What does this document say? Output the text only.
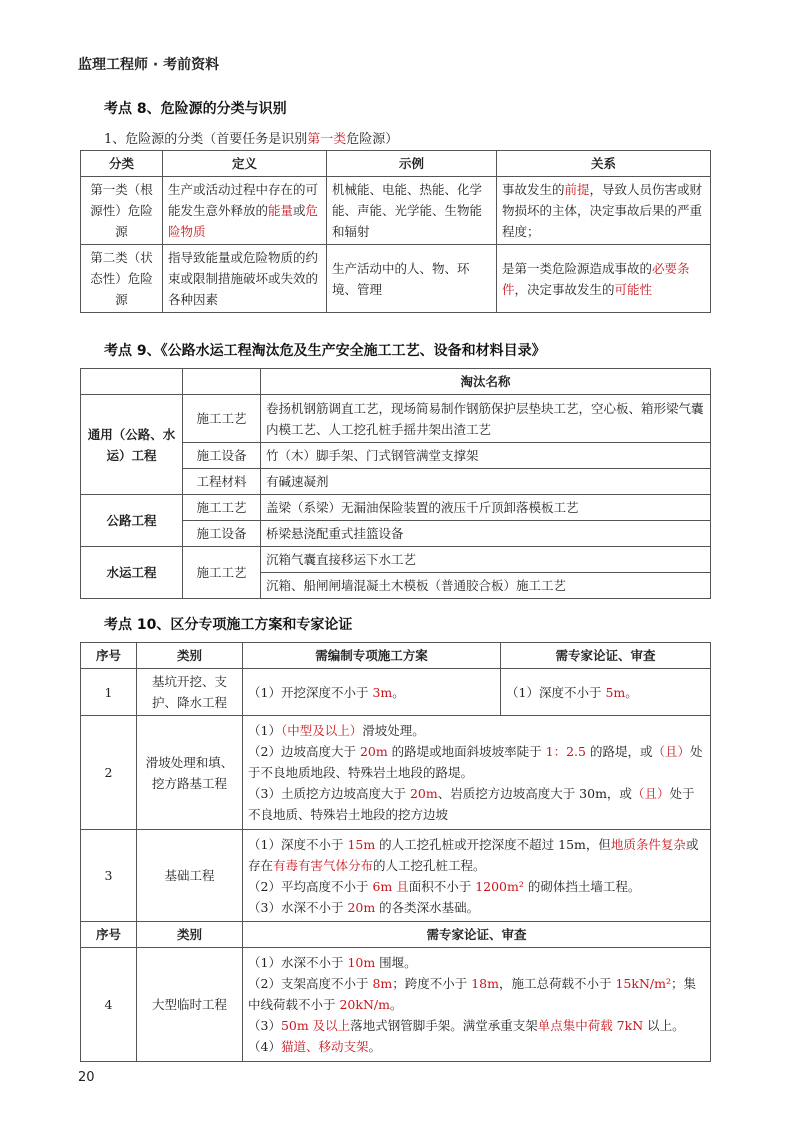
监理工程师 · 考前资料
考点 8、危险源的分类与识别
1、危险源的分类（首要任务是识别第一类危险源）
分类	定义	示例	关系
第一类（根源性）危险源	生产或活动过程中存在的可能发生意外释放的能量或危险物质	机械能、电能、热能、化学能、声能、光学能、生物能和辐射	事故发生的前提，导致人员伤害或财物损坏的主体，决定事故后果的严重程度；
第二类（状态性）危险源	指导致能量或危险物质的约束或限制措施破坏或失效的各种因素	生产活动中的人、物、环境、管理	是第一类危险源造成事故的必要条件，决定事故发生的可能性
考点 9、《公路水运工程淘汰危及生产安全施工工艺、设备和材料目录》
		淘汰名称
通用（公路、水运）工程	施工工艺	卷扬机钢筋调直工艺，现场简易制作钢筋保护层垫块工艺，空心板、箱形梁气囊内模工艺、人工挖孔桩手摇井架出渣工艺
	施工设备	竹（木）脚手架、门式钢管满堂支撑架
	工程材料	有碱速凝剂
公路工程	施工工艺	盖梁（系梁）无漏油保险装置的液压千斤顶卸落模板工艺
	施工设备	桥梁悬浇配重式挂篮设备
水运工程	施工工艺	沉箱气囊直接移运下水工艺
		沉箱、船闸闸墙混凝土木模板（普通胶合板）施工工艺
考点 10、区分专项施工方案和专家论证
序号	类别	需编制专项施工方案	需专家论证、审查
1	基坑开挖、支护、降水工程	（1）开挖深度不小于 3m。	（1）深度不小于 5m。
2	滑坡处理和填、挖方路基工程	（1）（中型及以上）滑坡处理。
（2）边坡高度大于 20m 的路堤或地面斜坡坡率陡于 1：2.5 的路堤，或（且）处于不良地质地段、特殊岩土地段的路堤。
（3）土质挖方边坡高度大于 20m、岩质挖方边坡高度大于 30m，或（且）处于不良地质、特殊岩土地段的挖方边坡	

3	基础工程	（1）深度不小于 15m 的人工挖孔桩或开挖深度不超过 15m，但地质条件复杂或存在有毒有害气体分布的人工挖孔桩工程。
（2）平均高度不小于 6m 且面积不小于 1200m² 的砌体挡土墙工程。
（3）水深不小于 20m 的各类深水基础。	

序号	类别	需专家论证、审查	
4	大型临时工程	（1）水深不小于 10m 围堰。
（2）支架高度不小于 8m；跨度不小于 18m，施工总荷载不小于 15kN/m²；集中线荷载不小于 20kN/m。
（3）50m 及以上落地式钢管脚手架。满堂承重支架单点集中荷载 7kN 以上。
（4）猫道、移动支架。	
20
